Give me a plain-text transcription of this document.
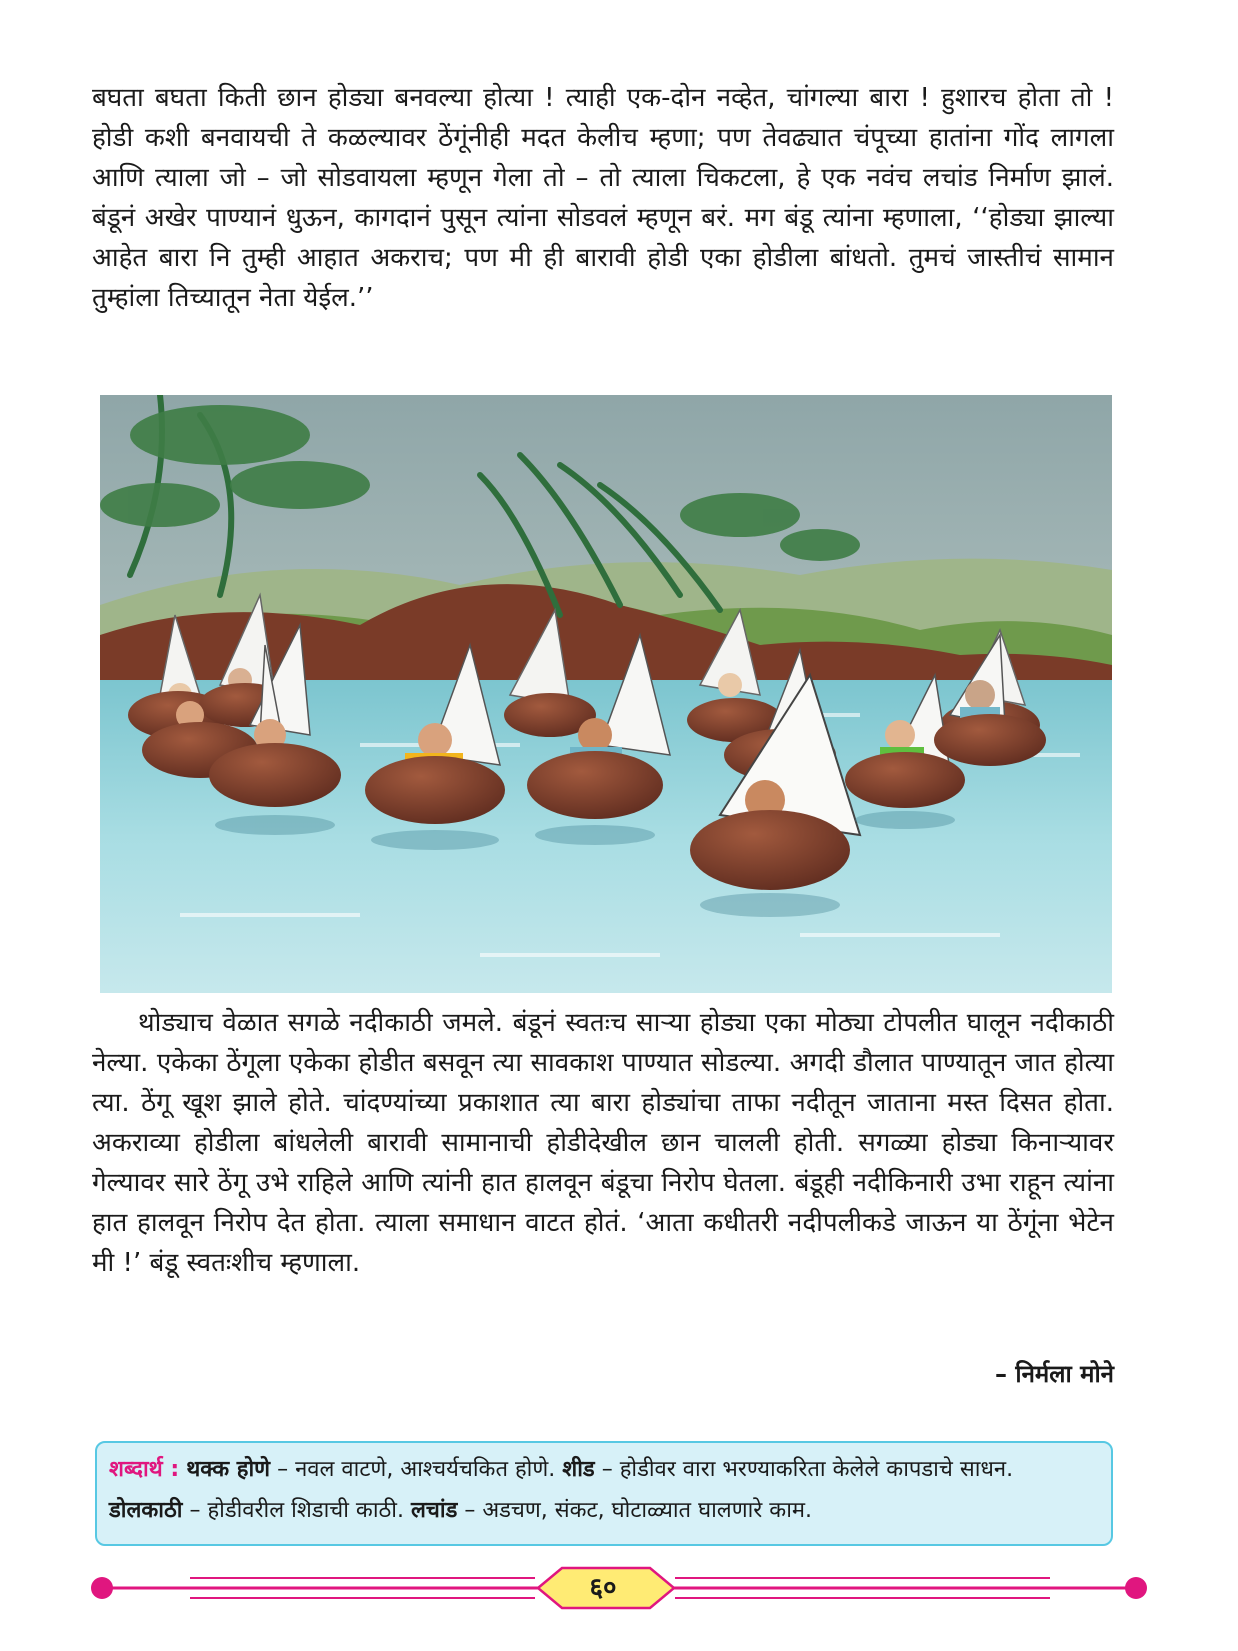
बघता बघता किती छान होड्या बनवल्या होत्या ! त्याही एक-दोन नव्हेत, चांगल्या बारा ! हुशारच होता तो ! होडी कशी बनवायची ते कळल्यावर ठेंगूंनीही मदत केलीच म्हणा; पण तेवढ्यात चंपूच्या हातांना गोंद लागला आणि त्याला जो – जो सोडवायला म्हणून गेला तो – तो त्याला चिकटला, हे एक नवंच लचांड निर्माण झालं. बंडूनं अखेर पाण्यानं धुऊन, कागदानं पुसून त्यांना सोडवलं म्हणून बरं. मग बंडू त्यांना म्हणाला, ‘‘होड्या झाल्या आहेत बारा नि तुम्ही आहात अकराच; पण मी ही बारावी होडी एका होडीला बांधतो. तुमचं जास्तीचं सामान तुम्हांला तिच्यातून नेता येईल.’’

थोड्याच वेळात सगळे नदीकाठी जमले. बंडूनं स्वतःच साऱ्या होड्या एका मोठ्या टोपलीत घालून नदीकाठी नेल्या. एकेका ठेंगूला एकेका होडीत बसवून त्या सावकाश पाण्यात सोडल्या. अगदी डौलात पाण्यातून जात होत्या त्या. ठेंगू खूश झाले होते. चांदण्यांच्या प्रकाशात त्या बारा होड्यांचा ताफा नदीतून जाताना मस्त दिसत होता. अकराव्या होडीला बांधलेली बारावी सामानाची होडीदेखील छान चालली होती. सगळ्या होड्या किनाऱ्यावर गेल्यावर सारे ठेंगू उभे राहिले आणि त्यांनी हात हालवून बंडूचा निरोप घेतला. बंडूही नदीकिनारी उभा राहून त्यांना हात हालवून निरोप देत होता. त्याला समाधान वाटत होतं. ‘आता कधीतरी नदीपलीकडे जाऊन या ठेंगूंना भेटेन मी !’ बंडू स्वतःशीच म्हणाला.

– निर्मला मोने
शब्दार्थ : थक्क होणे – नवल वाटणे, आश्चर्यचकित होणे. शीड – होडीवर वारा भरण्याकरिता केलेले कापडाचे साधन.
डोलकाठी – होडीवरील शिडाची काठी. लचांड – अडचण, संकट, घोटाळ्यात घालणारे काम.
६०
